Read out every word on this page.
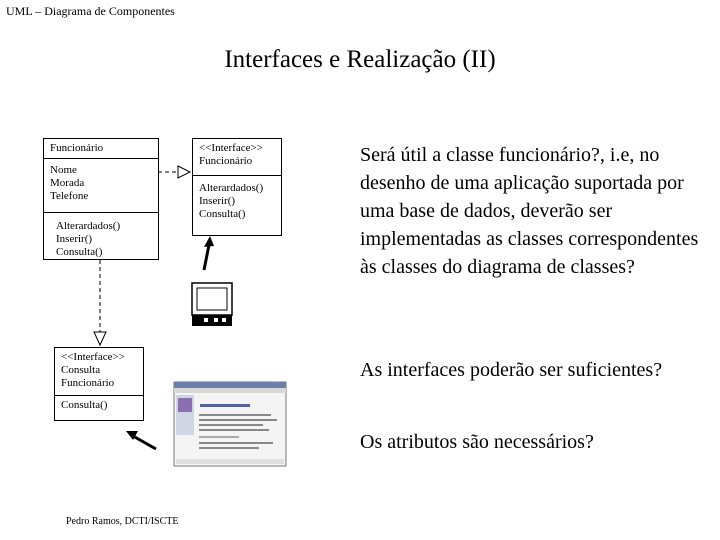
UML – Diagrama de Componentes
Interfaces e Realização (II)
Funcionário
Nome
Morada
Telefone
Alterardados()
Inserir()
Consulta()
<<Interface>>
Funcionário
Alterardados()
Inserir()
Consulta()
<<Interface>>
Consulta
Funcionário
Consulta()
Será útil a classe funcionário?, i.e, no desenho de uma aplicação suportada por uma base de dados, deverão ser implementadas as classes correspondentes às classes do diagrama de classes?
As interfaces poderão ser suficientes?
Os atributos são necessários?
Pedro Ramos, DCTI/ISCTE
